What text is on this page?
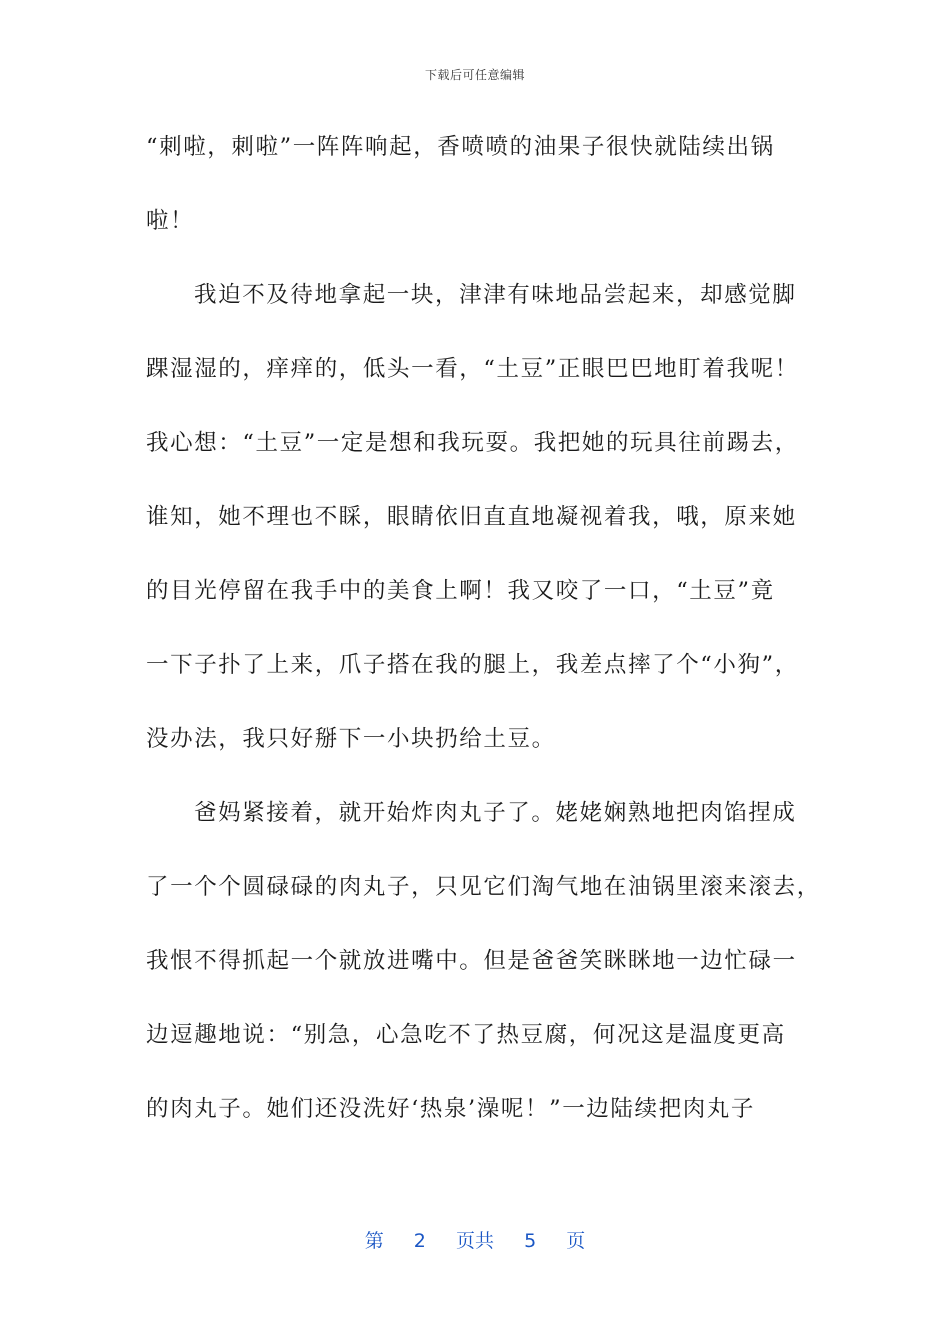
下载后可任意编辑
“刺啦，刺啦”一阵阵响起，香喷喷的油果子很快就陆续出锅
啦！
我迫不及待地拿起一块，津津有味地品尝起来，却感觉脚
踝湿湿的，痒痒的，低头一看，“土豆”正眼巴巴地盯着我呢！
我心想：“土豆”一定是想和我玩耍。我把她的玩具往前踢去，
谁知，她不理也不睬，眼睛依旧直直地凝视着我，哦，原来她
的目光停留在我手中的美食上啊！我又咬了一口，“土豆”竟
一下子扑了上来，爪子搭在我的腿上，我差点摔了个“小狗”，
没办法，我只好掰下一小块扔给土豆。
爸妈紧接着，就开始炸肉丸子了。姥姥娴熟地把肉馅捏成
了一个个圆碌碌的肉丸子，只见它们淘气地在油锅里滚来滚去，
我恨不得抓起一个就放进嘴中。但是爸爸笑眯眯地一边忙碌一
边逗趣地说：“别急，心急吃不了热豆腐，何况这是温度更高
的肉丸子。她们还没洗好‘热泉’澡呢！”一边陆续把肉丸子
第 2 页共 5 页
